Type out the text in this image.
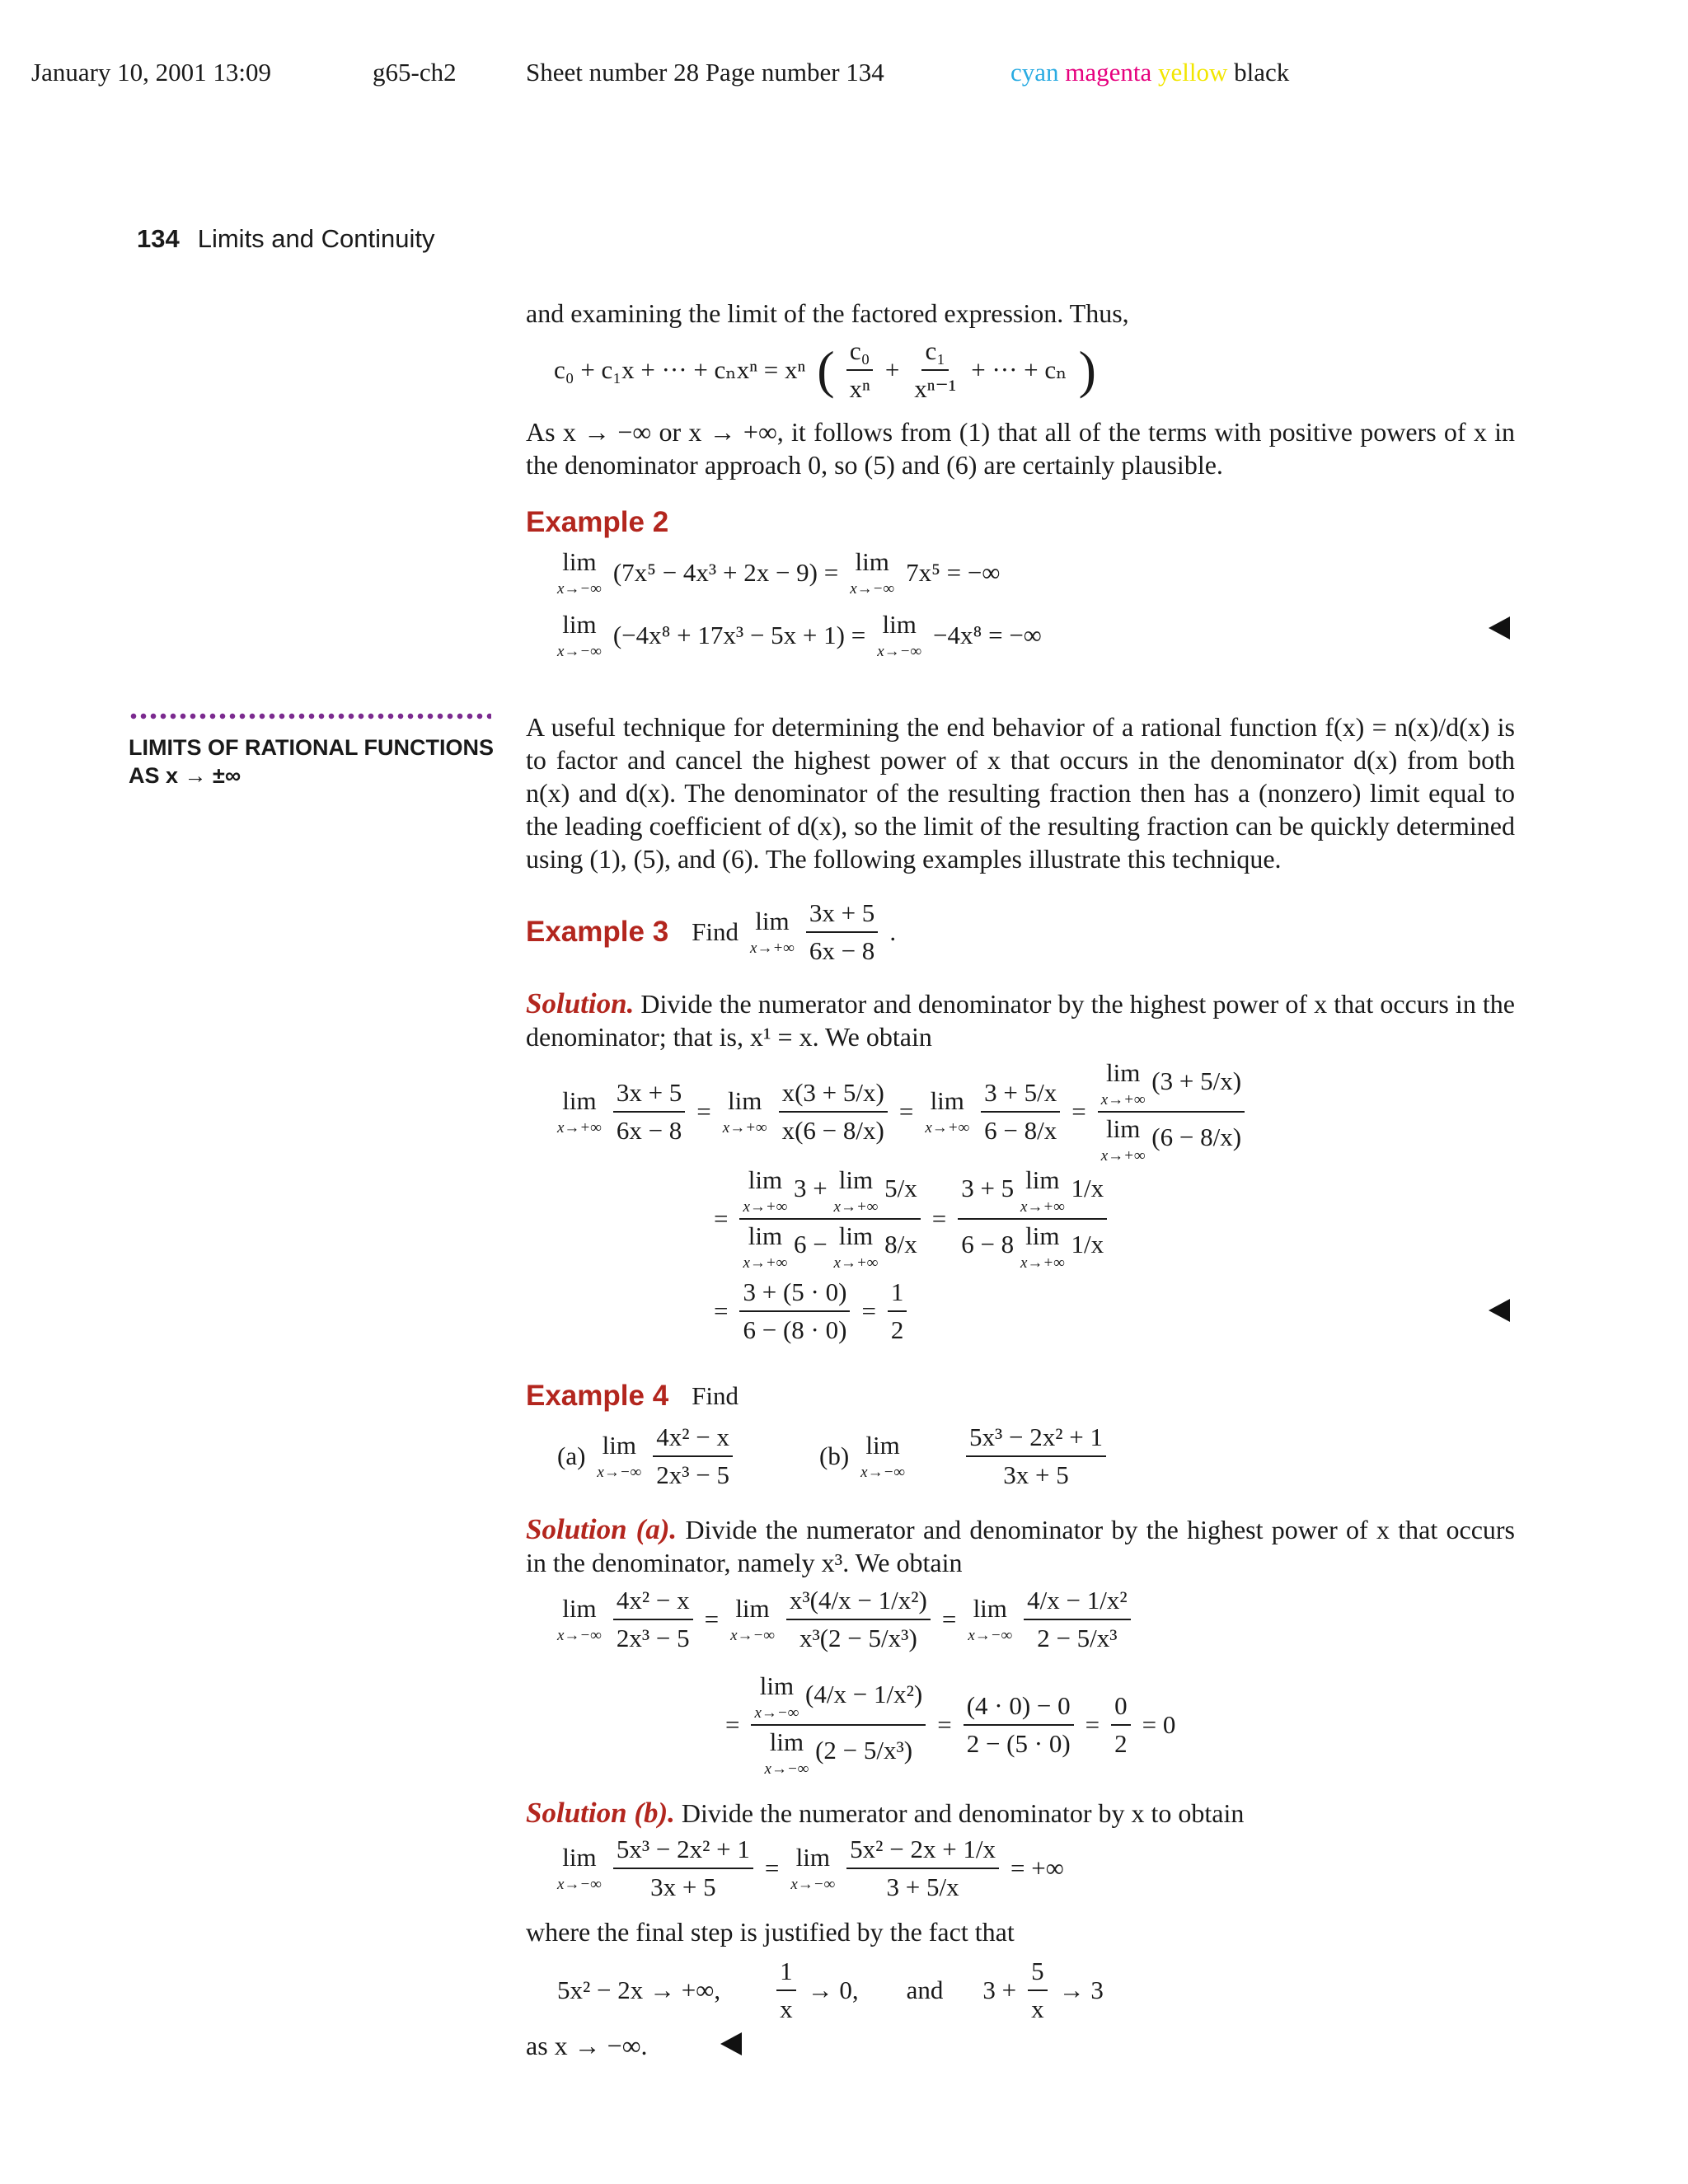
January 10, 2001 13:09	g65-ch2	Sheet number 28 Page number 134	cyan magenta yellow black
134 Limits and Continuity
and examining the limit of the factored expression. Thus,
c₀ + c₁x + ··· + cₙxⁿ = xⁿ ( $\frac{\text{c₀}}{\text{xⁿ}} + \frac{\text{c₁}}{\text{xⁿ⁻¹}}$ + ··· + cₙ )
As x → −∞ or x → +∞, it follows from (1) that all of the terms with positive powers of x in the denominator approach 0, so (5) and (6) are certainly plausible.
Example 2
lim
x→−∞
(7x⁵ − 4x³ + 2x − 9) = lim
x→−∞
7x⁵ = −∞
lim
x→−∞
(−4x⁸ + 17x³ − 5x + 1) = lim
x→−∞
−4x⁸ = −∞
LIMITS OF RATIONAL FUNCTIONS
AS x → ±∞
A useful technique for determining the end behavior of a rational function f(x) = n(x)/d(x) is to factor and cancel the highest power of x that occurs in the denominator d(x) from both n(x) and d(x). The denominator of the resulting fraction then has a (nonzero) limit equal to the leading coefficient of d(x), so the limit of the resulting fraction can be quickly determined using (1), (5), and (6). The following examples illustrate this technique.
Example 3 Find lim
$x\to+\infty \frac{3x + 5}{6x - 8}$ .
Solution. Divide the numerator and denominator by the highest power of x that occurs in the denominator; that is, x¹ = x. We obtain
lim
$x\to+\infty \frac{3x + 5}{6x - 8} = \lim$
$x\to+\infty \frac{x(3 + 5/x)}{x(6 - 8/x)} = \lim$
$x\to+\infty \frac{3 + 5/x}{6 - 8/x} = \lim$
x→+∞
(3 + 5/x)
lim
x→+∞
(6 − 8/x)
= lim
x→+∞
3 + lim
x→+∞
5/x
lim
x→+∞
6 − lim
x→+∞
8/x = 3 + 5 lim
x→+∞
1/x
6 − 8 lim
x→+∞
1/x
= $\frac{3 + (5 \cdot 0)}{6 - (8 \cdot 0)} = \frac{1}{2}$
Example 4 Find
(a) lim
$x\to-\infty \frac{\text{4x² − x}}{\text{2x³ − 5}}$	(b) lim
$x\to-\infty \frac{\text{5x³ − 2x² + 1}}{3x + 5}$
Solution (a). Divide the numerator and denominator by the highest power of x that occurs in the denominator, namely x³. We obtain
lim
$x\to-\infty \frac{\text{4x² − x}}{\text{2x³ − 5}} = \lim$
$x\to-\infty \frac{\text{x³(4/x − 1/x²)}}{\text{x³(2 − 5/x³)}} = \lim$
$x\to-\infty \frac{\text{4/x − 1/x²}}{\text{2 − 5/x³}}$
= lim
x→−∞
(4/x − 1/x²)
lim
x→−∞
$(2 - 5/x^3) = \frac{(4 \cdot 0) - 0}{2 - (5 \cdot 0)} = \frac{0}{2} = 0$
Solution (b). Divide the numerator and denominator by x to obtain
lim
$x\to-\infty \frac{\text{5x³ − 2x² + 1}}{3x + 5} = \lim$
$x\to-\infty \frac{\text{5x² − 2x + 1/x}}{3 + 5/x}$ = +∞
where the final step is justified by the fact that
5x² − 2x → +∞, $\frac{1}{x} \to 0$, and $3 + \frac{5}{x} \to 3$
as x → −∞.
